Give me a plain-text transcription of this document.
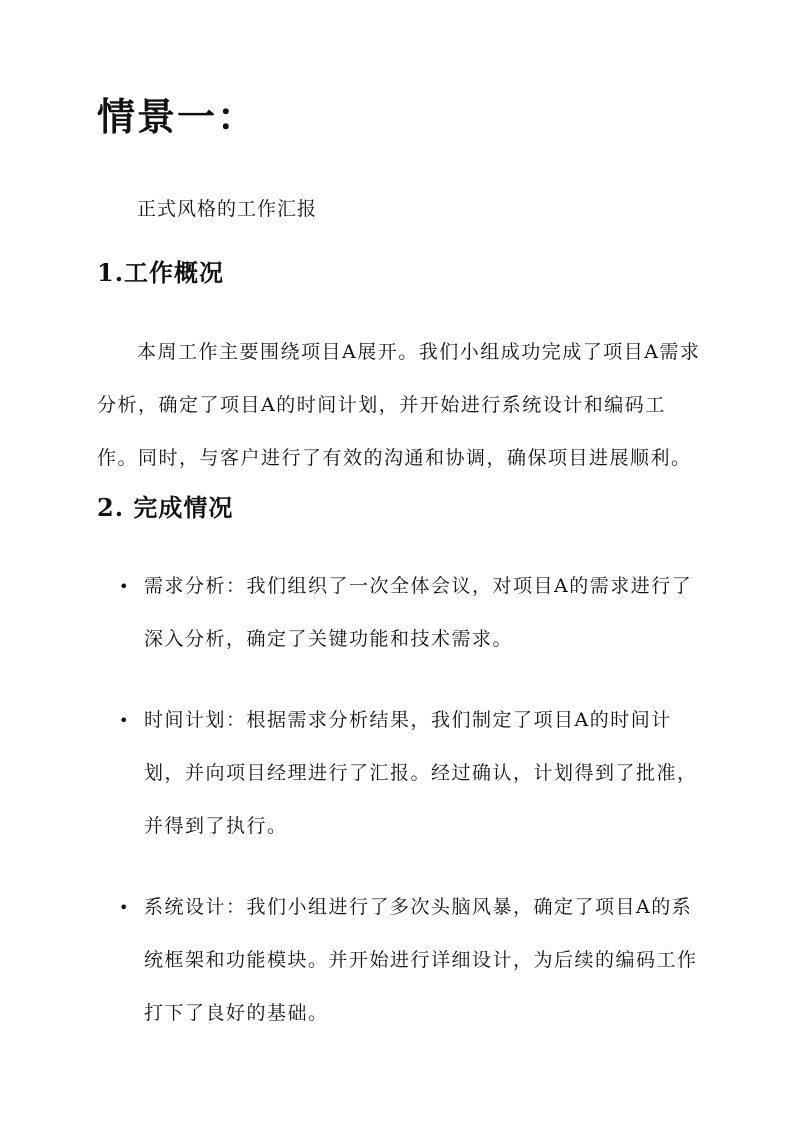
情景一：

正式风格的工作汇报

1.工作概况

本周工作主要围绕项目A展开。我们小组成功完成了项目A需求分析，确定了项目A的时间计划，并开始进行系统设计和编码工作。同时，与客户进行了有效的沟通和协调，确保项目进展顺利。

2. 完成情况
• 需求分析：我们组织了一次全体会议，对项目A的需求进行了深入分析，确定了关键功能和技术需求。
• 时间计划：根据需求分析结果，我们制定了项目A的时间计划，并向项目经理进行了汇报。经过确认，计划得到了批准，并得到了执行。
• 系统设计：我们小组进行了多次头脑风暴，确定了项目A的系统框架和功能模块。并开始进行详细设计，为后续的编码工作打下了良好的基础。
